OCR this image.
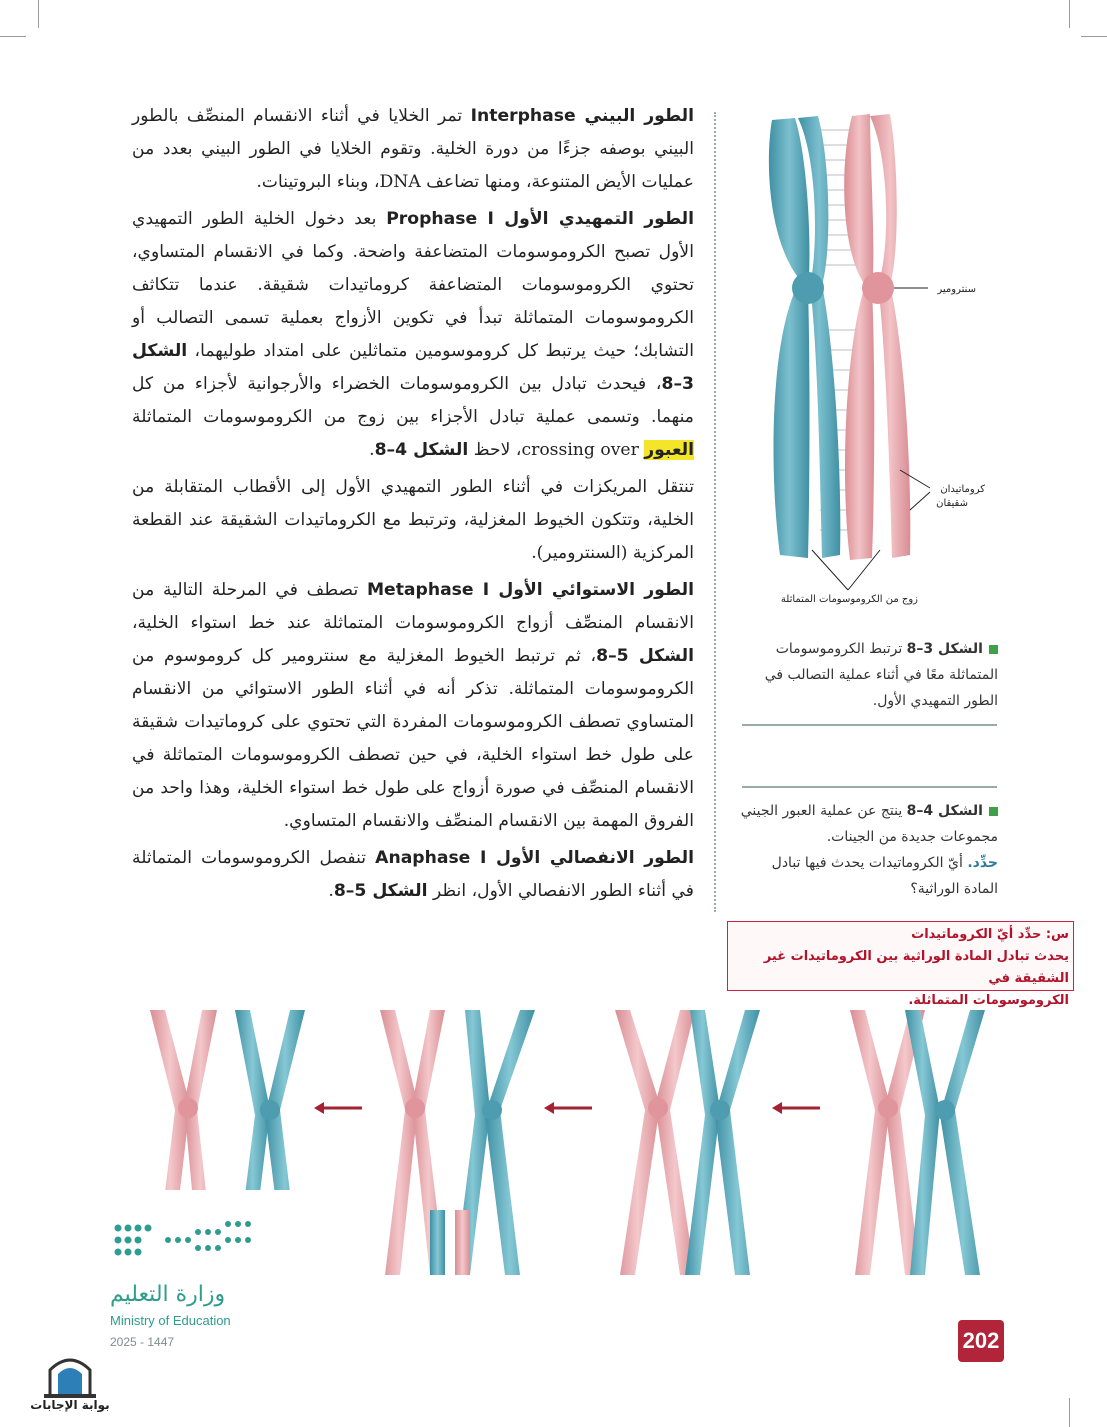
الطور البيني Interphase تمر الخلايا في أثناء الانقسام المنصِّف بالطور البيني بوصفه جزءًا من دورة الخلية. وتقوم الخلايا في الطور البيني بعدد من عمليات الأيض المتنوعة، ومنها تضاعف DNA، وبناء البروتينات.

الطور التمهيدي الأول Prophase I بعد دخول الخلية الطور التمهيدي الأول تصبح الكروموسومات المتضاعفة واضحة. وكما في الانقسام المتساوي، تحتوي الكروموسومات المتضاعفة كروماتيدات شقيقة. عندما تتكاثف الكروموسومات المتماثلة تبدأ في تكوين الأزواج بعملية تسمى التصالب أو التشابك؛ حيث يرتبط كل كروموسومين متماثلين على امتداد طوليهما، الشكل 3–8، فيحدث تبادل بين الكروموسومات الخضراء والأرجوانية لأجزاء من كل منهما. وتسمى عملية تبادل الأجزاء بين زوج من الكروموسومات المتماثلة العبور crossing over، لاحظ الشكل 4–8.

تنتقل المريكزات في أثناء الطور التمهيدي الأول إلى الأقطاب المتقابلة من الخلية، وتتكون الخيوط المغزلية، وترتبط مع الكروماتيدات الشقيقة عند القطعة المركزية (السنترومير).

الطور الاستوائي الأول Metaphase I تصطف في المرحلة التالية من الانقسام المنصِّف أزواج الكروموسومات المتماثلة عند خط استواء الخلية، الشكل 5–8، ثم ترتبط الخيوط المغزلية مع سنترومير كل كروموسوم من الكروموسومات المتماثلة. تذكر أنه في أثناء الطور الاستوائي من الانقسام المتساوي تصطف الكروموسومات المفردة التي تحتوي على كروماتيدات شقيقة على طول خط استواء الخلية، في حين تصطف الكروموسومات المتماثلة في الانقسام المنصِّف في صورة أزواج على طول خط استواء الخلية، وهذا واحد من الفروق المهمة بين الانقسام المنصِّف والانقسام المتساوي.

الطور الانفصالي الأول Anaphase I تنفصل الكروموسومات المتماثلة في أثناء الطور الانفصالي الأول، انظر الشكل 5–8.

سنترومير
كروماتيدان
شقيقان
زوج من الكروموسومات المتماثلة
الشكل 3–8 ترتبط الكروموسومات المتماثلة معًا في أثناء عملية التصالب في الطور التمهيدي الأول.
الشكل 4–8 ينتج عن عملية العبور الجيني مجموعات جديدة من الجينات.
حدِّد. أيّ الكروماتيدات يحدث فيها تبادل المادة الوراثية؟
س: حدِّد أيّ الكروماتيدات
يحدث تبادل المادة الوراثية بين الكروماتيدات غير الشقيقة في
الكروموسومات المتماثلة.
وزارة التعليم
Ministry of Education
2025 - 1447	202
بوابة الإجابات
